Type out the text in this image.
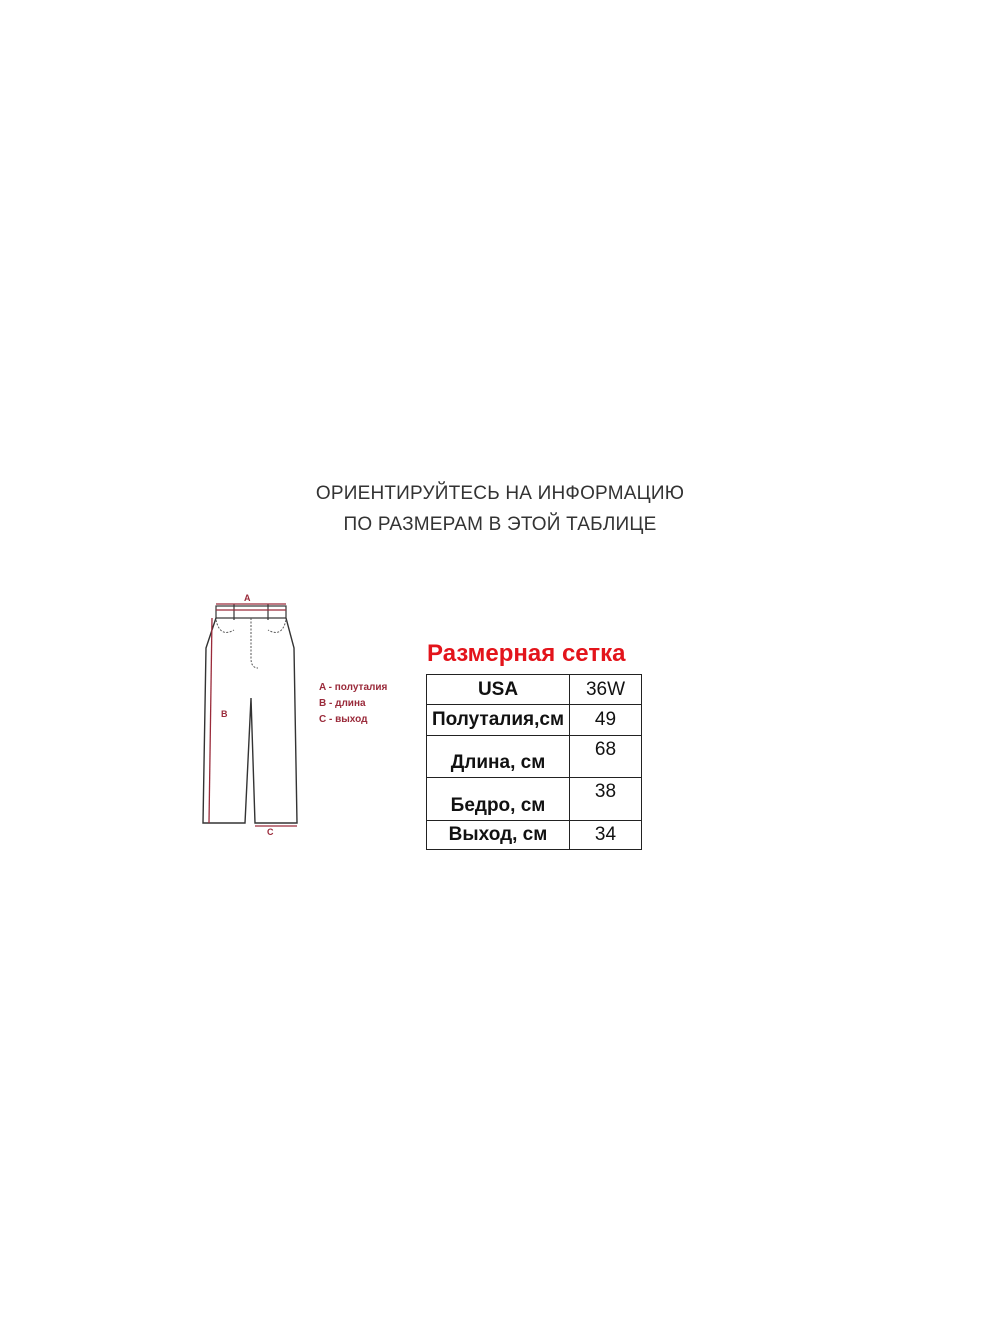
ОРИЕНТИРУЙТЕСЬ НА ИНФОРМАЦИЮ
ПО РАЗМЕРАМ В ЭТОЙ ТАБЛИЦЕ
A
B
C
A - полуталия
B - длина
C - выход
Размерная сетка
USA	36W
Полуталия,см	49
Длина, см	68
Бедро, см	38
Выход, см	34
